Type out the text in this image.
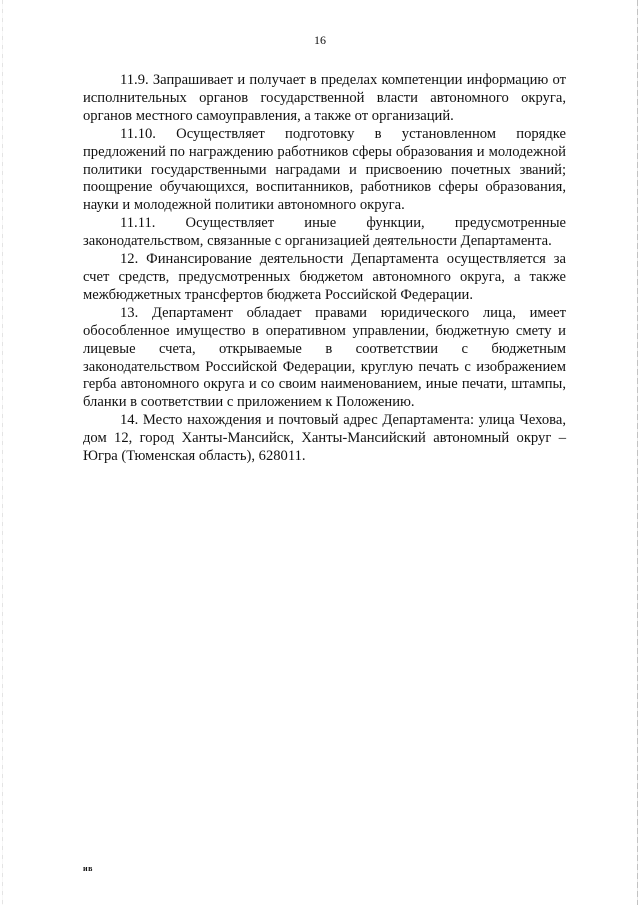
16

11.9. Запрашивает и получает в пределах компетенции информацию от исполнительных органов государственной власти автономного округа, органов местного самоуправления, а также от организаций.

11.10. Осуществляет подготовку в установленном порядке предложений по награждению работников сферы образования и молодежной политики государственными наградами и присвоению почетных званий; поощрение обучающихся, воспитанников, работников сферы образования, науки и молодежной политики автономного округа.

11.11. Осуществляет иные функции, предусмотренные законодательством, связанные с организацией деятельности Департамента.

12. Финансирование деятельности Департамента осуществляется за счет средств, предусмотренных бюджетом автономного округа, а также межбюджетных трансфертов бюджета Российской Федерации.

13. Департамент обладает правами юридического лица, имеет обособленное имущество в оперативном управлении, бюджетную смету и лицевые счета, открываемые в соответствии с бюджетным законодательством Российской Федерации, круглую печать с изображением герба автономного округа и со своим наименованием, иные печати, штампы, бланки в соответствии с приложением к Положению.

14. Место нахождения и почтовый адрес Департамента: улица Чехова, дом 12, город Ханты-Мансийск, Ханты-Мансийский автономный округ – Югра (Тюменская область), 628011.

ив
